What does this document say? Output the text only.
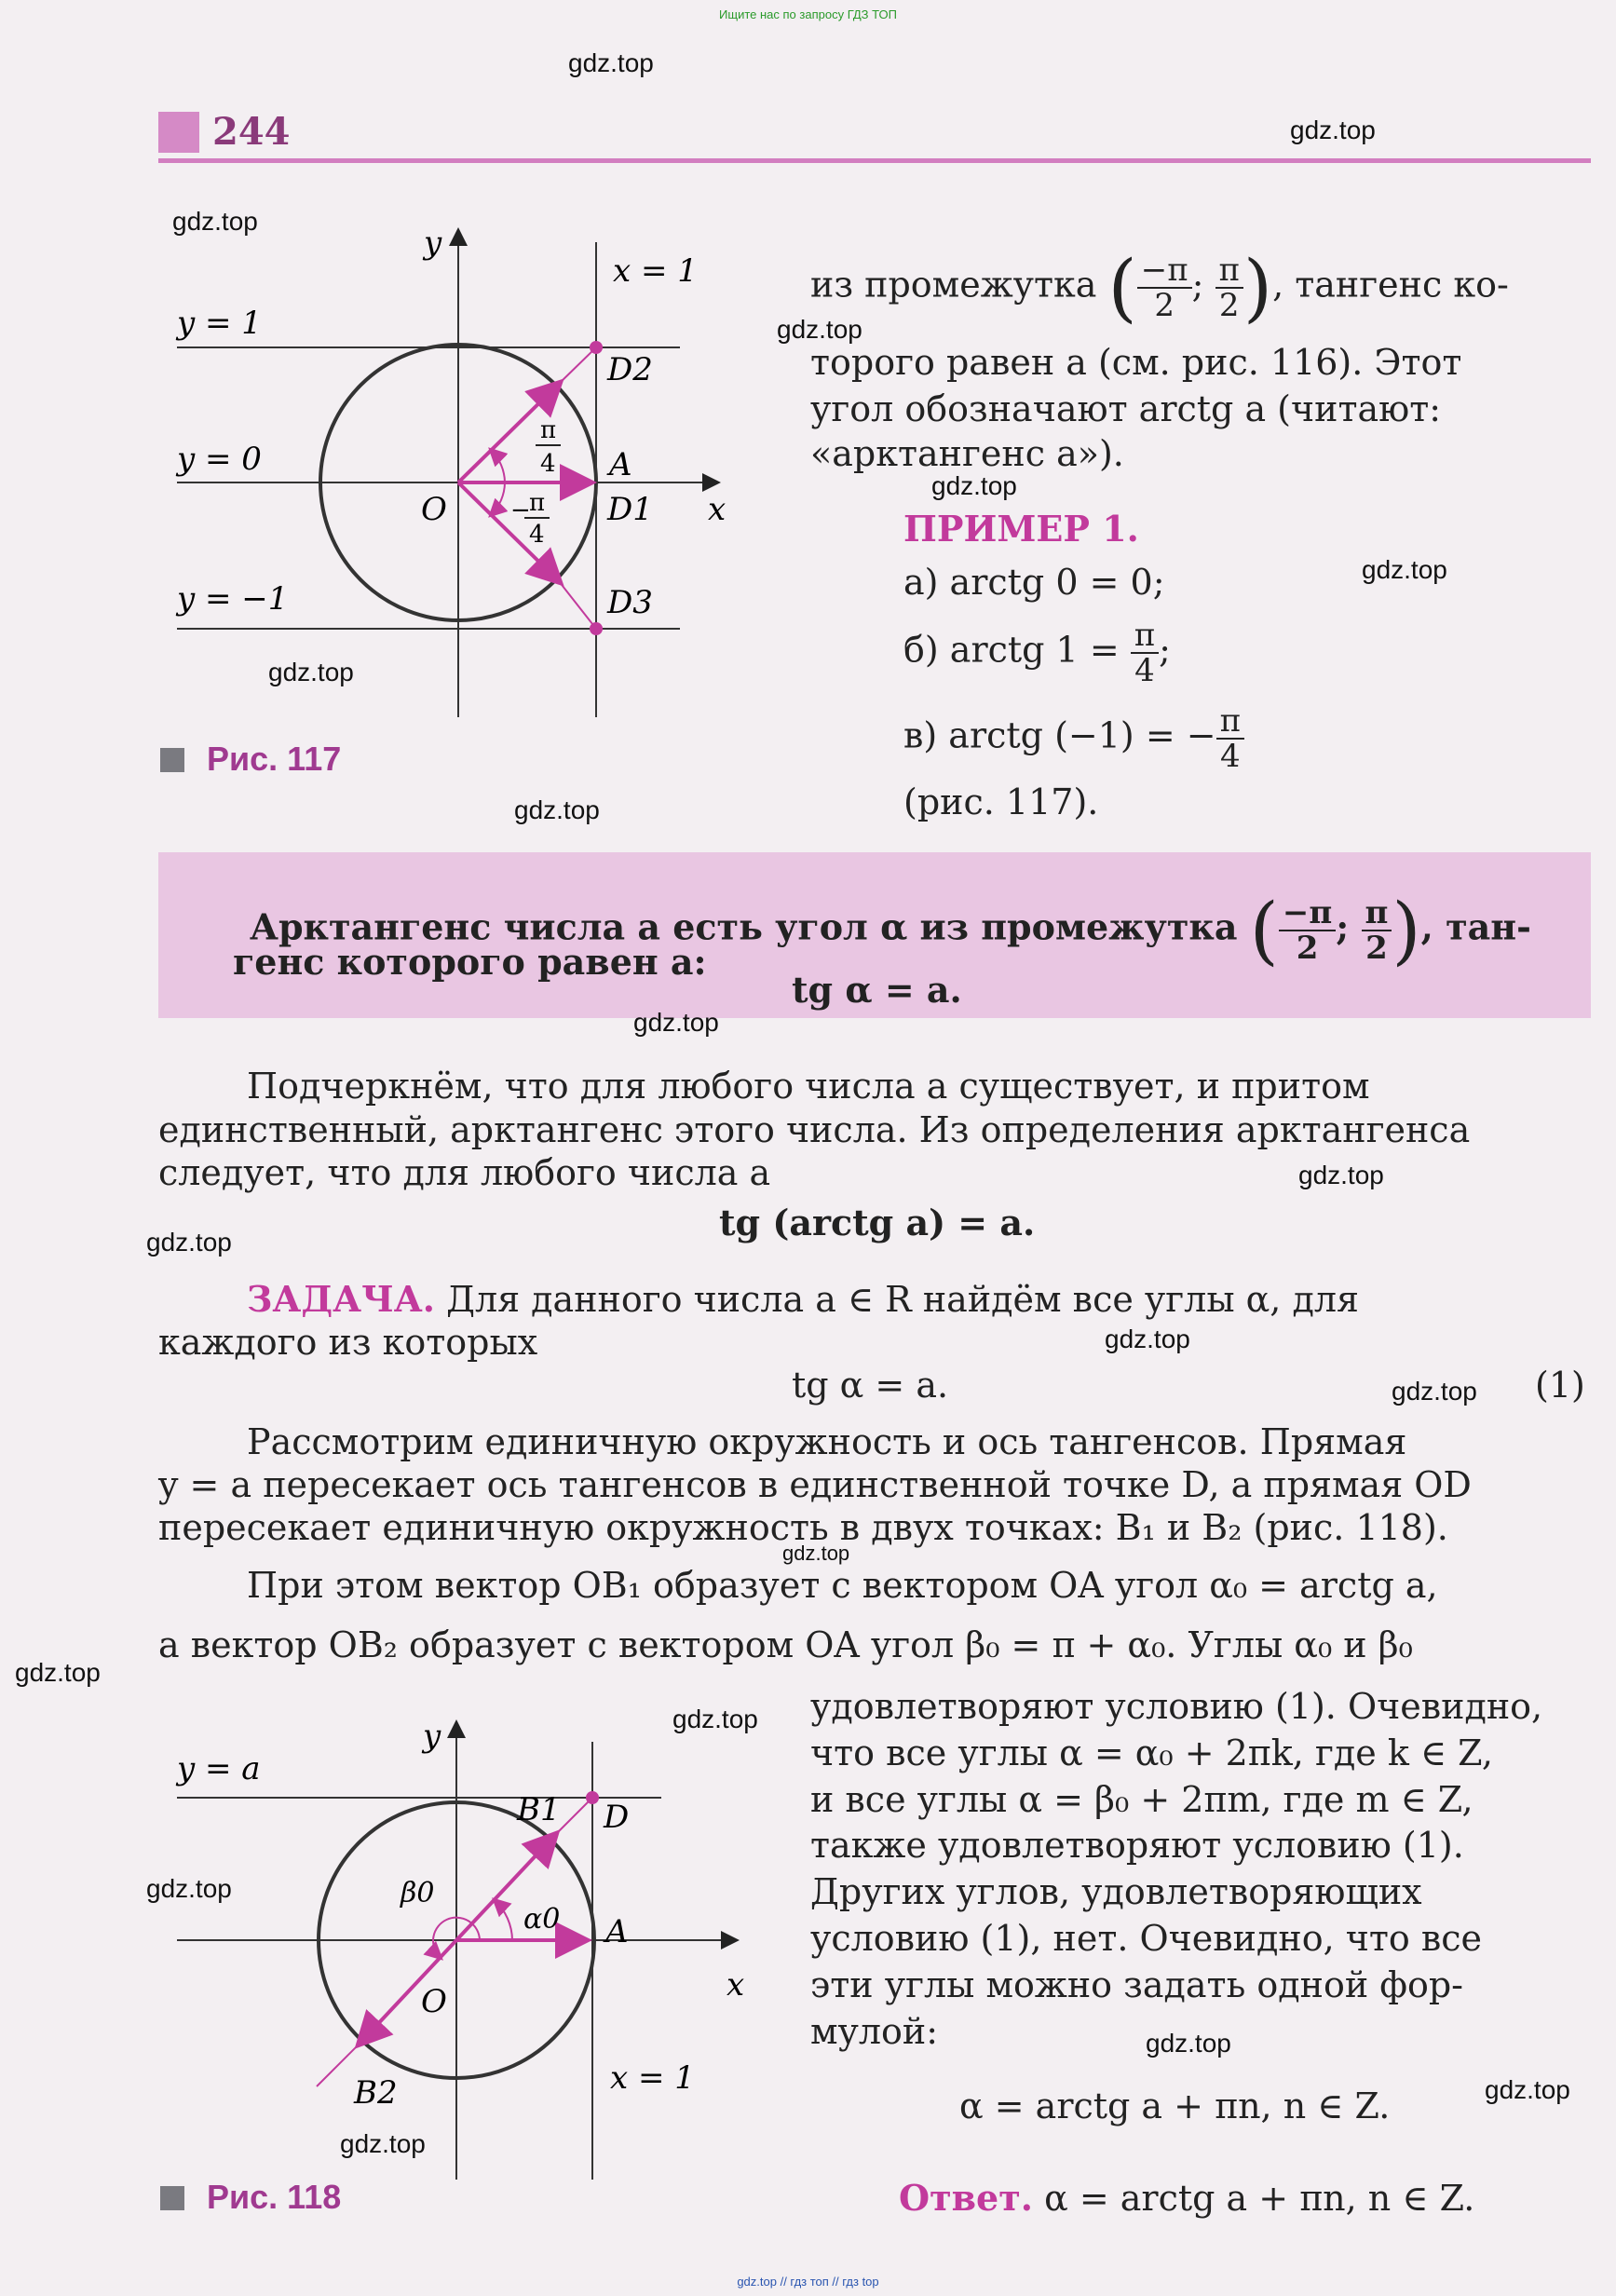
Ищите нас по запросу ГДЗ ТОП
244
y
x
x = 1
y = 1
y = 0
y = −1
O
A
D1
D2
D3
π
4
−
π
4
Рис. 117
из промежутка ( $\frac{-\pi}{2}$ ; $\frac{\pi}{2}$ ), тангенс ко-
торого равен a (см. рис. 116). Этот
угол обозначают arctg a (читают:
«арктангенс a»).
ПРИМЕР 1.
а) arctg 0 = 0;
б) arctg $1 = \frac{\pi}{4}$ ;
в) arctg (−1) = − $\frac{\pi}{4}$
(рис. 117).
Арктангенс числа a есть угол α из промежутка ( $\frac{-\pi}{2}$ ; $\frac{\pi}{2}$ ), тан-
генс которого равен a:
tg α = a.
Подчеркнём, что для любого числа a существует, и притом
единственный, арктангенс этого числа. Из определения арктангенса
следует, что для любого числа a
tg (arctg a) = a.
ЗАДАЧА. Для данного числа a ∈ R найдём все углы α, для
каждого из которых
tg α = a.	(1)
Рассмотрим единичную окружность и ось тангенсов. Прямая
y = a пересекает ось тангенсов в единственной точке D, а прямая OD
пересекает единичную окружность в двух точках: B₁ и B₂ (рис. 118).
При этом вектор OB₁ образует с вектором OA угол α₀ = arctg a,
а вектор OB₂ образует с вектором OA угол β₀ = π + α₀. Углы α₀ и β₀
y
x
y = a
x = 1
O
A
D
B1
B2
α0
β0
Рис. 118
удовлетворяют условию (1). Очевидно,
что все углы α = α₀ + 2πk, где k ∈ Z,
и все углы α = β₀ + 2πm, где m ∈ Z,
также удовлетворяют условию (1).
Других углов, удовлетворяющих
условию (1), нет. Очевидно, что все
эти углы можно задать одной фор-
мулой:
α = arctg a + πn, n ∈ Z.
Ответ. α = arctg a + πn, n ∈ Z.
gdz.top
gdz.top
gdz.top
gdz.top
gdz.top
gdz.top
gdz.top
gdz.top
gdz.top
gdz.top
gdz.top
gdz.top
gdz.top
gdz.top
gdz.top
gdz.top
gdz.top
gdz.top
gdz.top
gdz.top
gdz.top // гдз топ // гдз top
